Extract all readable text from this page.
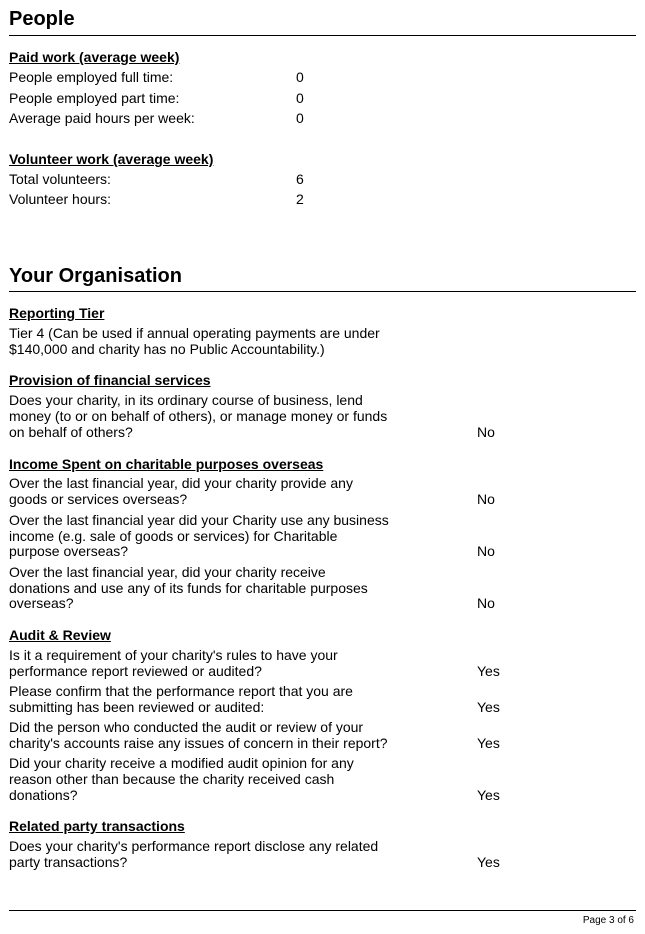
People
Paid work (average week)
People employed full time:	0
People employed part time:	0
Average paid hours per week:	0
Volunteer work (average week)
Total volunteers:	6
Volunteer hours:	2
Your Organisation
Reporting Tier
Tier 4 (Can be used if annual operating payments are under
$140,000 and charity has no Public Accountability.)
Provision of financial services
Does your charity, in its ordinary course of business, lend
money (to or on behalf of others), or manage money or funds
on behalf of others?	No
Income Spent on charitable purposes overseas
Over the last financial year, did your charity provide any
goods or services overseas?	No
Over the last financial year did your Charity use any business
income (e.g. sale of goods or services) for Charitable
purpose overseas?	No
Over the last financial year, did your charity receive
donations and use any of its funds for charitable purposes
overseas?	No
Audit & Review
Is it a requirement of your charity's rules to have your
performance report reviewed or audited?	Yes
Please confirm that the performance report that you are
submitting has been reviewed or audited:	Yes
Did the person who conducted the audit or review of your
charity's accounts raise any issues of concern in their report?	Yes
Did your charity receive a modified audit opinion for any
reason other than because the charity received cash
donations?	Yes
Related party transactions
Does your charity's performance report disclose any related
party transactions?	Yes
Page 3 of 6
